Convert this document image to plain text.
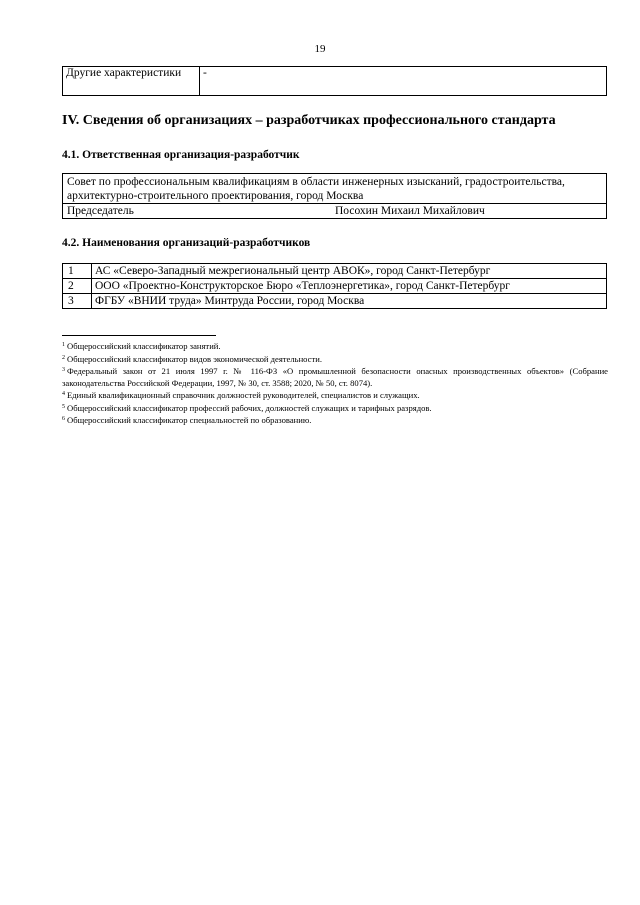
19
Другие характеристики	-
IV. Сведения об организациях – разработчиках профессионального стандарта
4.1. Ответственная организация-разработчик
Совет по профессиональным квалификациям в области инженерных изысканий, градостроительства, архитектурно-строительного проектирования, город Москва
Председатель	Посохин Михаил Михайлович
4.2. Наименования организаций-разработчиков
1	АС «Северо-Западный межрегиональный центр АВОК», город Санкт-Петербург
2	ООО «Проектно-Конструкторское Бюро «Теплоэнергетика», город Санкт-Петербург
3	ФГБУ «ВНИИ труда» Минтруда России, город Москва
$^1$ Общероссийский классификатор занятий.
$^2$ Общероссийский классификатор видов экономической деятельности.
$^3$ Федеральный закон от 21 июля 1997 г. № 116-ФЗ «О промышленной безопасности опасных производственных объектов» (Собрание законодательства Российской Федерации, 1997, № 30, ст. 3588; 2020, № 50, ст. 8074).
$^4$ Единый квалификационный справочник должностей руководителей, специалистов и служащих.
$^5$ Общероссийский классификатор профессий рабочих, должностей служащих и тарифных разрядов.
$^6$ Общероссийский классификатор специальностей по образованию.
